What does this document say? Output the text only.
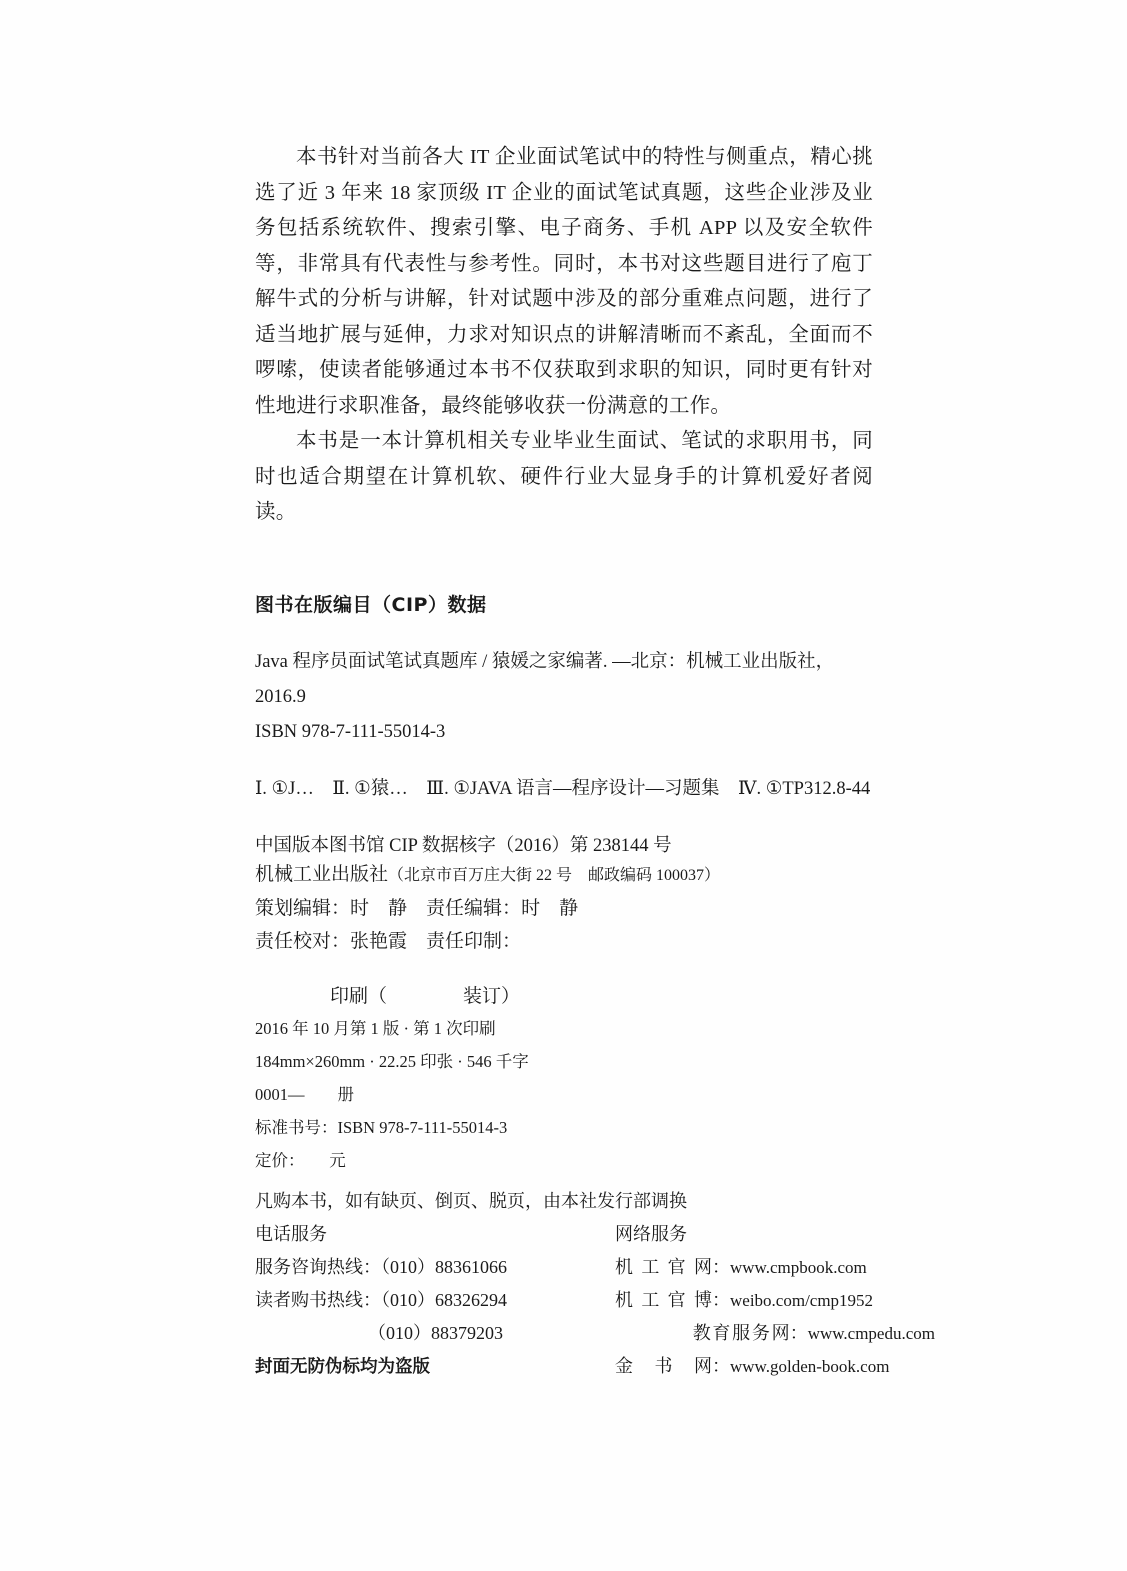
本书针对当前各大 IT 企业面试笔试中的特性与侧重点，精心挑选了近 3 年来 18 家顶级 IT 企业的面试笔试真题，这些企业涉及业务包括系统软件、搜索引擎、电子商务、手机 APP 以及安全软件等，非常具有代表性与参考性。同时，本书对这些题目进行了庖丁解牛式的分析与讲解，针对试题中涉及的部分重难点问题，进行了适当地扩展与延伸，力求对知识点的讲解清晰而不紊乱，全面而不啰嗦，使读者能够通过本书不仅获取到求职的知识，同时更有针对性地进行求职准备，最终能够收获一份满意的工作。

本书是一本计算机相关专业毕业生面试、笔试的求职用书，同时也适合期望在计算机软、硬件行业大显身手的计算机爱好者阅读。

图书在版编目（CIP）数据
Java 程序员面试笔试真题库 / 猿媛之家编著. —北京：机械工业出版社，
2016.9
ISBN 978-7-111-55014-3
Ⅰ. ①J…　Ⅱ. ①猿…　Ⅲ. ①JAVA 语言—程序设计—习题集　Ⅳ. ①TP312.8-44
中国版本图书馆 CIP 数据核字（2016）第 238144 号
机械工业出版社（北京市百万庄大街 22 号　邮政编码 100037）
策划编辑：时　静　 责任编辑：时　静
责任校对：张艳霞　 责任印制：
印刷（　　　　装订）
2016 年 10 月第 1 版 · 第 1 次印刷
184mm×260mm · 22.25 印张 · 546 千字
0001—　　册
标准书号：ISBN 978-7-111-55014-3
定价：　　元
凡购本书，如有缺页、倒页、脱页，由本社发行部调换
电话服务	网络服务
服务咨询热线：（010）88361066	机工官网：www.cmpbook.com
读者购书热线：（010）68326294	机工官博：weibo.com/cmp1952
（010）88379203	教育服务网：www.cmpedu.com
封面无防伪标均为盗版	金书网：www.golden-book.com
